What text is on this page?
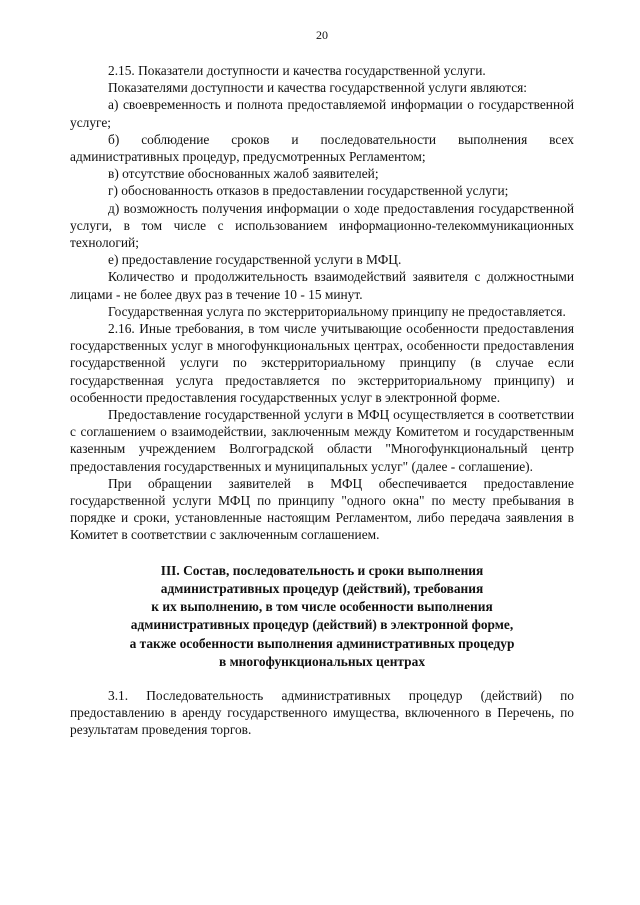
20

2.15. Показатели доступности и качества государственной услуги.

Показателями доступности и качества государственной услуги являются:

а) своевременность и полнота предоставляемой информации о государственной услуге;

б) соблюдение сроков и последовательности выполнения всех административных процедур, предусмотренных Регламентом;

в) отсутствие обоснованных жалоб заявителей;

г) обоснованность отказов в предоставлении государственной услуги;

д) возможность получения информации о ходе предоставления государственной услуги, в том числе с использованием информационно-телекоммуникационных технологий;

е) предоставление государственной услуги в МФЦ.

Количество и продолжительность взаимодействий заявителя с должностными лицами - не более двух раз в течение 10 - 15 минут.

Государственная услуга по экстерриториальному принципу не предоставляется.

2.16. Иные требования, в том числе учитывающие особенности предоставления государственных услуг в многофункциональных центрах, особенности предоставления государственной услуги по экстерриториальному принципу (в случае если государственная услуга предоставляется по экстерриториальному принципу) и особенности предоставления государственных услуг в электронной форме.

Предоставление государственной услуги в МФЦ осуществляется в соответствии с соглашением о взаимодействии, заключенным между Комитетом и государственным казенным учреждением Волгоградской области "Многофункциональный центр предоставления государственных и муниципальных услуг" (далее - соглашение).

При обращении заявителей в МФЦ обеспечивается предоставление государственной услуги МФЦ по принципу "одного окна" по месту пребывания в порядке и сроки, установленные настоящим Регламентом, либо передача заявления в Комитет в соответствии с заключенным соглашением.

III. Состав, последовательность и сроки выполнения
административных процедур (действий), требования
к их выполнению, в том числе особенности выполнения
административных процедур (действий) в электронной форме,
а также особенности выполнения административных процедур
в многофункциональных центрах

3.1. Последовательность административных процедур (действий) по предоставлению в аренду государственного имущества, включенного в Перечень, по результатам проведения торгов.
